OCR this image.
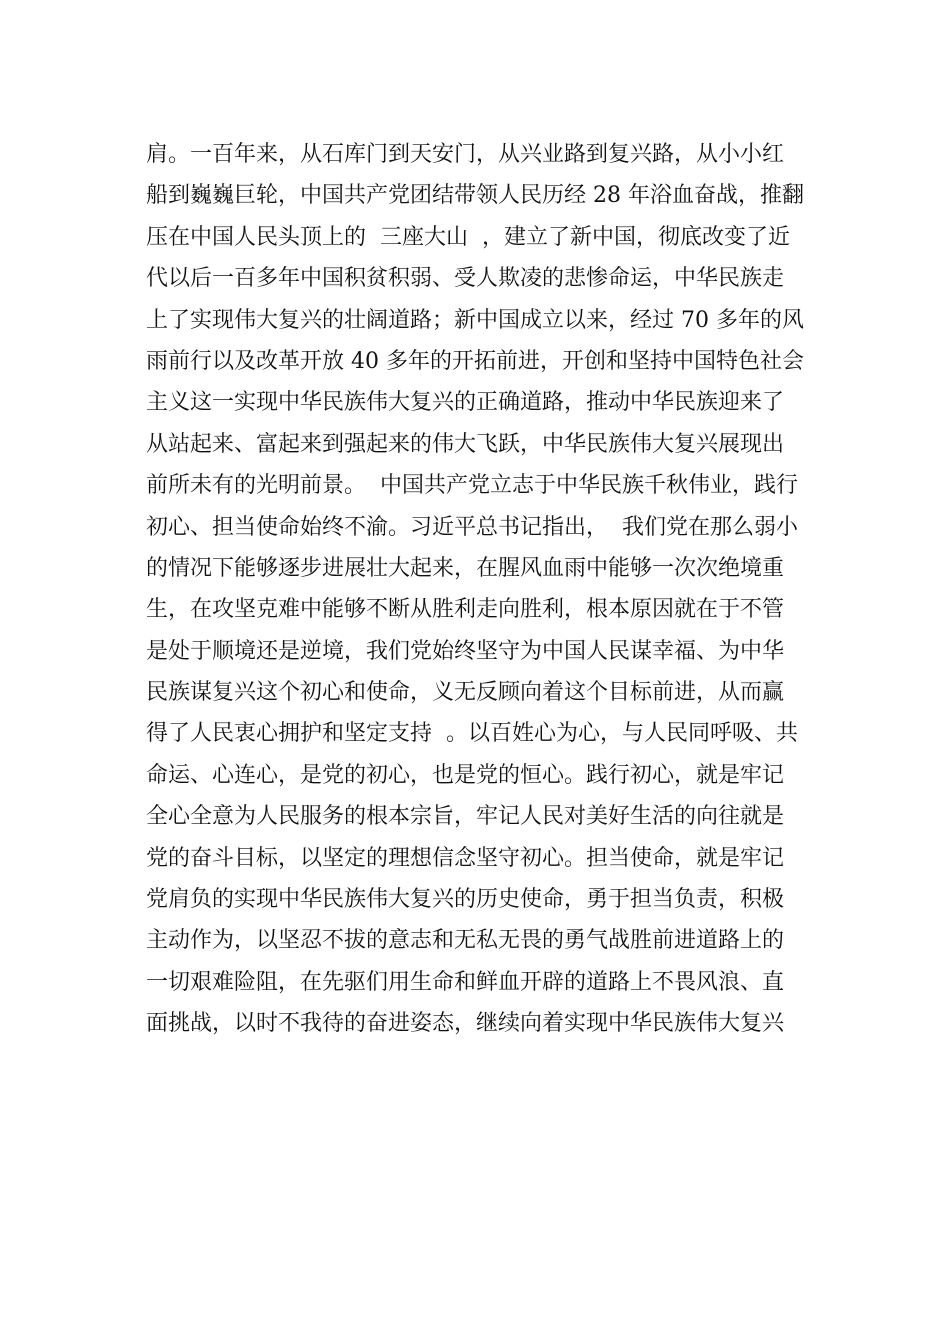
肩。一百年来，从石库门到天安门，从兴业路到复兴路，从小小红
船到巍巍巨轮，中国共产党团结带领人民历经 28 年浴血奋战，推翻
压在中国人民头顶上的  三座大山  ，建立了新中国，彻底改变了近
代以后一百多年中国积贫积弱、受人欺凌的悲惨命运，中华民族走
上了实现伟大复兴的壮阔道路；新中国成立以来，经过 70 多年的风
雨前行以及改革开放 40 多年的开拓前进，开创和坚持中国特色社会
主义这一实现中华民族伟大复兴的正确道路，推动中华民族迎来了
从站起来、富起来到强起来的伟大飞跃，中华民族伟大复兴展现出
前所未有的光明前景。  中国共产党立志于中华民族千秋伟业，践行
初心、担当使命始终不渝。习近平总书记指出，  我们党在那么弱小
的情况下能够逐步进展壮大起来，在腥风血雨中能够一次次绝境重
生，在攻坚克难中能够不断从胜利走向胜利，根本原因就在于不管
是处于顺境还是逆境，我们党始终坚守为中国人民谋幸福、为中华
民族谋复兴这个初心和使命，义无反顾向着这个目标前进，从而赢
得了人民衷心拥护和坚定支持  。以百姓心为心，与人民同呼吸、共
命运、心连心，是党的初心，也是党的恒心。践行初心，就是牢记
全心全意为人民服务的根本宗旨，牢记人民对美好生活的向往就是
党的奋斗目标，以坚定的理想信念坚守初心。担当使命，就是牢记
党肩负的实现中华民族伟大复兴的历史使命，勇于担当负责，积极
主动作为，以坚忍不拔的意志和无私无畏的勇气战胜前进道路上的
一切艰难险阻，在先驱们用生命和鲜血开辟的道路上不畏风浪、直
面挑战，以时不我待的奋进姿态，继续向着实现中华民族伟大复兴
